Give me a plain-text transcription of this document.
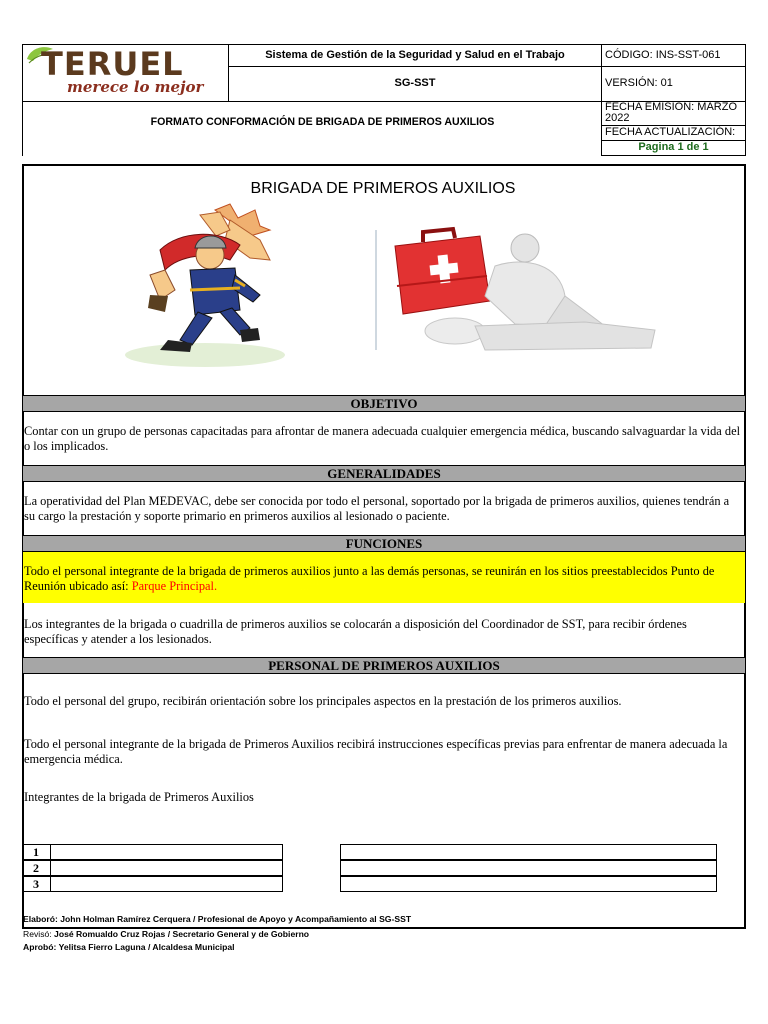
TERUEL
merece lo mejor
Sistema de Gestión de la Seguridad y Salud en el Trabajo
SG-SST
CÓDIGO: INS-SST-061
VERSIÓN: 01
FORMATO CONFORMACIÓN DE BRIGADA DE PRIMEROS AUXILIOS
FECHA EMISION: MARZO
2022
FECHA ACTUALIZACIÓN:
Pagina 1 de 1
BRIGADA DE PRIMEROS AUXILIOS
OBJETIVO
Contar con un grupo de personas capacitadas para afrontar de manera adecuada cualquier emergencia médica, buscando salvaguardar la vida del o los implicados.
GENERALIDADES
La operatividad del Plan MEDEVAC, debe ser conocida por todo el personal, soportado por la brigada de primeros auxilios, quienes tendrán a su cargo la prestación y soporte primario en primeros auxilios al lesionado o paciente.
FUNCIONES
Todo el personal integrante de la brigada de primeros auxilios junto a las demás personas, se reunirán en los sitios preestablecidos Punto de Reunión ubicado así: Parque Principal.
Los integrantes de la brigada o cuadrilla de primeros auxilios se colocarán a disposición del Coordinador de SST, para recibir órdenes específicas y atender a los lesionados.
PERSONAL DE PRIMEROS AUXILIOS
Todo el personal del grupo, recibirán orientación sobre los principales aspectos en la prestación de los primeros auxilios.
Todo el personal integrante de la brigada de Primeros Auxilios recibirá instrucciones específicas previas para enfrentar de manera adecuada la emergencia médica.
Integrantes de la brigada de Primeros Auxilios
1
2
3
Elaboró: John Holman Ramírez Cerquera / Profesional de Apoyo y Acompañamiento al SG-SST
Revisó: José Romualdo Cruz Rojas / Secretario General y de Gobierno
Aprobó: Yelitsa Fierro Laguna / Alcaldesa Municipal
